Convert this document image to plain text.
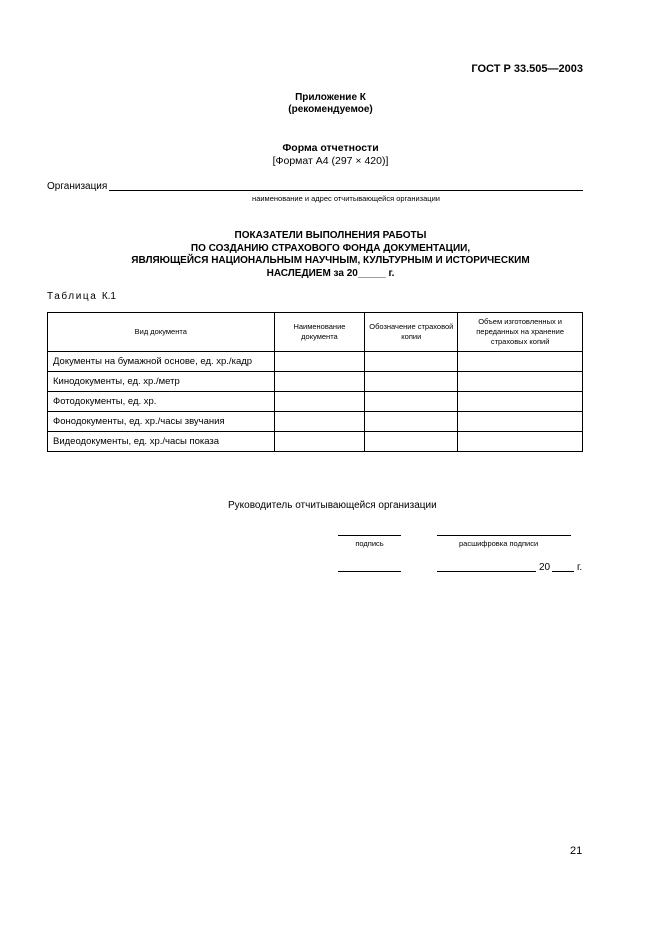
ГОСТ Р 33.505—2003
Приложение К
(рекомендуемое)
Форма отчетности
[Формат А4 (297 × 420)]
Организация
наименование и адрес отчитывающейся организации
ПОКАЗАТЕЛИ ВЫПОЛНЕНИЯ РАБОТЫ
ПО СОЗДАНИЮ СТРАХОВОГО ФОНДА ДОКУМЕНТАЦИИ,
ЯВЛЯЮЩЕЙСЯ НАЦИОНАЛЬНЫМ НАУЧНЫМ, КУЛЬТУРНЫМ И ИСТОРИЧЕСКИМ
НАСЛЕДИЕМ за 20_____ г.
Таблица К.1
Вид документа	Наименование документа	Обозначение страховой копии	Объем изготовленных и переданных на хранение страховых копий
Документы на бумажной основе, ед. хр./кадр			
Кинодокументы, ед. хр./метр			
Фотодокументы, ед. хр.			
Фонодокументы, ед. хр./часы звучания			
Видеодокументы, ед. хр./часы показа			
Руководитель отчитывающейся организации
подпись	расшифровка подписи
20	г.
21
